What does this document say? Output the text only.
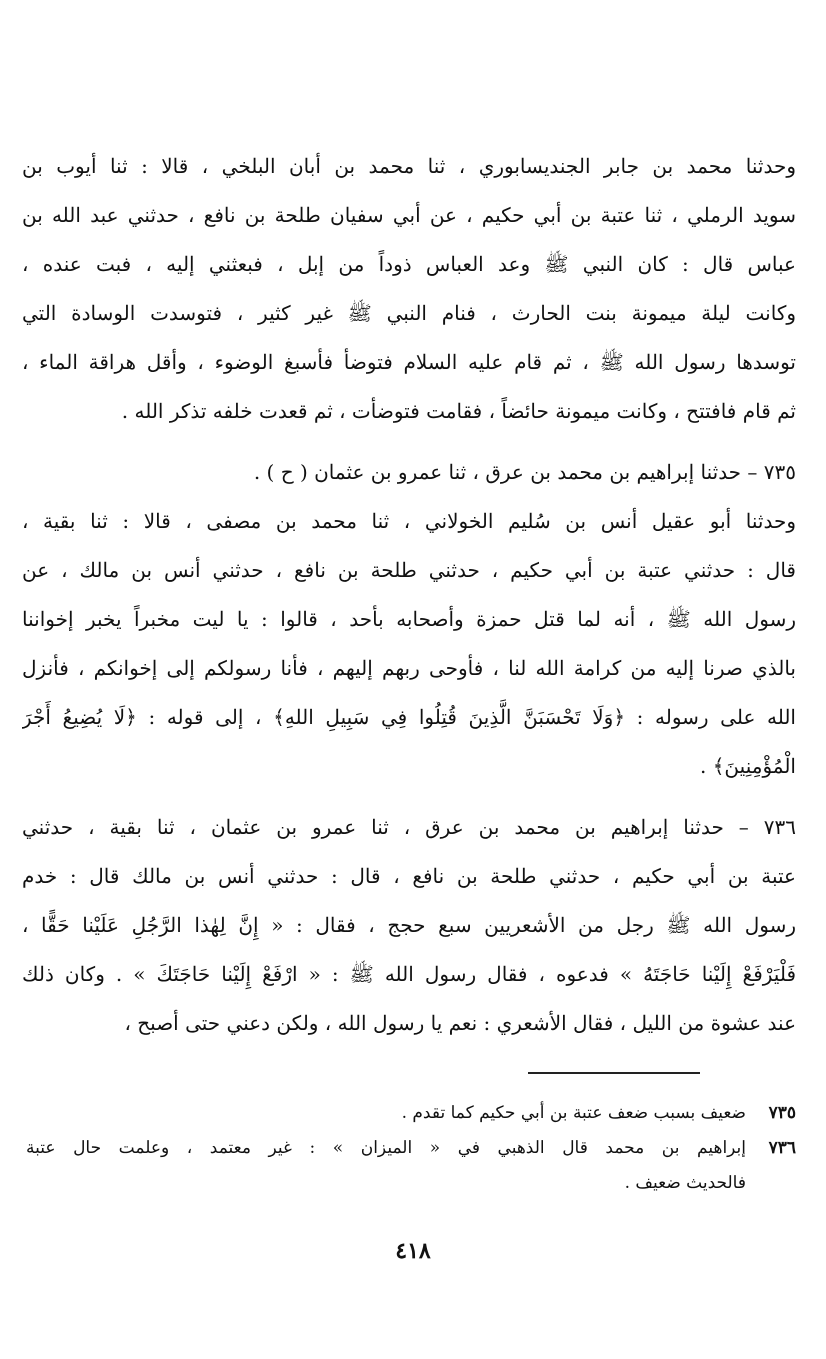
وحدثنا محمد بن جابر الجنديسابوري ، ثنا محمد بن أبان البلخي ، قالا : ثنا أيوب بن
سويد الرملي ، ثنا عتبة بن أبي حكيم ، عن أبي سفيان طلحة بن نافع ، حدثني عبد الله بن
عباس قال : كان النبي ﷺ وعد العباس ذوداً من إبل ، فبعثني إليه ، فبت عنده ،
وكانت ليلة ميمونة بنت الحارث ، فنام النبي ﷺ غير كثير ، فتوسدت الوسادة التي
توسدها رسول الله ﷺ ، ثم قام عليه السلام فتوضأ فأسبغ الوضوء ، وأقل هراقة الماء ،
ثم قام فافتتح ، وكانت ميمونة حائضاً ، فقامت فتوضأت ، ثم قعدت خلفه تذكر الله .

٧٣٥ – حدثنا إبراهيم بن محمد بن عرق ، ثنا عمرو بن عثمان ( ح ) .

وحدثنا أبو عقيل أنس بن سُليم الخولاني ، ثنا محمد بن مصفى ، قالا : ثنا بقية ،
قال : حدثني عتبة بن أبي حكيم ، حدثني طلحة بن نافع ، حدثني أنس بن مالك ، عن
رسول الله ﷺ ، أنه لما قتل حمزة وأصحابه بأحد ، قالوا : يا ليت مخبراً يخبر إخواننا
بالذي صرنا إليه من كرامة الله لنا ، فأوحى ربهم إليهم ، فأنا رسولكم إلى إخوانكم ، فأنزل
الله على رسوله : ﴿وَلَا تَحْسَبَنَّ الَّذِينَ قُتِلُوا فِي سَبِيلِ اللهِ﴾ ، إلى قوله : ﴿لَا يُضِيعُ أَجْرَ
الْمُؤْمِنِينَ﴾ .

٧٣٦ – حدثنا إبراهيم بن محمد بن عرق ، ثنا عمرو بن عثمان ، ثنا بقية ، حدثني
عتبة بن أبي حكيم ، حدثني طلحة بن نافع ، قال : حدثني أنس بن مالك قال : خدم
رسول الله ﷺ رجل من الأشعريين سبع حجج ، فقال : « إِنَّ لِهٰذا الرَّجُلِ عَلَيْنا حَقًّا ،
فَلْيَرْفَعْ إِلَيْنا حَاجَتَهُ » فدعوه ، فقال رسول الله ﷺ : « ارْفَعْ إِلَيْنا حَاجَتَكَ » . وكان ذلك
عند عشوة من الليل ، فقال الأشعري : نعم يا رسول الله ، ولكن دعني حتى أصبح ،

٧٣٥
ضعيف بسبب ضعف عتبة بن أبي حكيم كما تقدم .
٧٣٦
إبراهيم بن محمد قال الذهبي في « الميزان » : غير معتمد ، وعلمت حال عتبة
فالحديث ضعيف .
٤١٨
